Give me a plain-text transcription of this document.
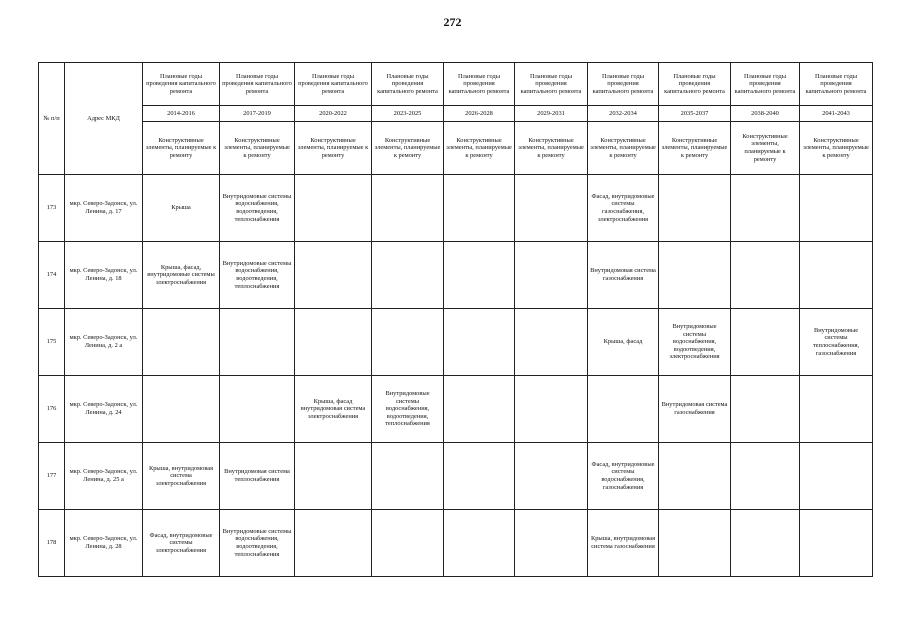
272
№ п/п	Адрес МКД	Плановые годы проведения капитального ремонта	Плановые годы проведения капитального ремонта	Плановые годы проведения капитального ремонта	Плановые годы проведения капитального ремонта	Плановые годы проведения капитального ремонта	Плановые годы проведения капитального ремонта	Плановые годы проведения капитального ремонта	Плановые годы проведения капитального ремонта	Плановые годы проведения капитального ремонта	Плановые годы проведения капитального ремонта
		2014-2016	2017-2019	2020-2022	2023-2025	2026-2028	2029-2031	2032-2034	2035-2037	2038-2040	2041-2043
		Конструктивные элементы, планируемые к ремонту	Конструктивные элементы, планируемые к ремонту	Конструктивные элементы, планируемые к ремонту	Конструктивные элементы, планируемые к ремонту	Конструктивные элементы, планируемые к ремонту	Конструктивные элементы, планируемые к ремонту	Конструктивные элементы, планируемые к ремонту	Конструктивные элементы, планируемые к ремонту	Конструктивные элементы, планируемые к ремонту	Конструктивные элементы, планируемые к ремонту
173	мкр. Северо-Задонск, ул. Ленина, д. 17	Крыша	Внутридомовые системы водоснабжения, водоотведения, теплоснабжения					Фасад, внутридомовые системы газоснабжения, электроснабжения			
174	мкр. Северо-Задонск, ул. Ленина, д. 18	Крыша, фасад, внутридомовые системы электроснабжения	Внутридомовые системы водоснабжения, водоотведения, теплоснабжения					Внутридомовая система газоснабжения			
175	мкр. Северо-Задонск, ул. Ленина, д. 2 а							Крыша, фасад	Внутридомовые системы водоснабжения, водоотведения, электроснабжения		Внутридомовые системы теплоснабжения, газоснабжения
176	мкр. Северо-Задонск, ул. Ленина, д. 24			Крыша, фасад внутридомовая система электроснабжения	Внутридомовые системы водоснабжения, водоотведения, теплоснабжения				Внутридомовая система газоснабжения		
177	мкр. Северо-Задонск, ул. Ленина, д. 25 а	Крыша, внутридомовая система электроснабжения	Внутридомовая система теплоснабжения					Фасад, внутридомовые системы водоснабжения, газоснабжения			
178	мкр. Северо-Задонск, ул. Ленина, д. 28	Фасад, внутридомовые системы электроснабжения	Внутридомовые системы водоснабжения, водоотведения, теплоснабжения					Крыша, внутридомовая система газоснабжения			
